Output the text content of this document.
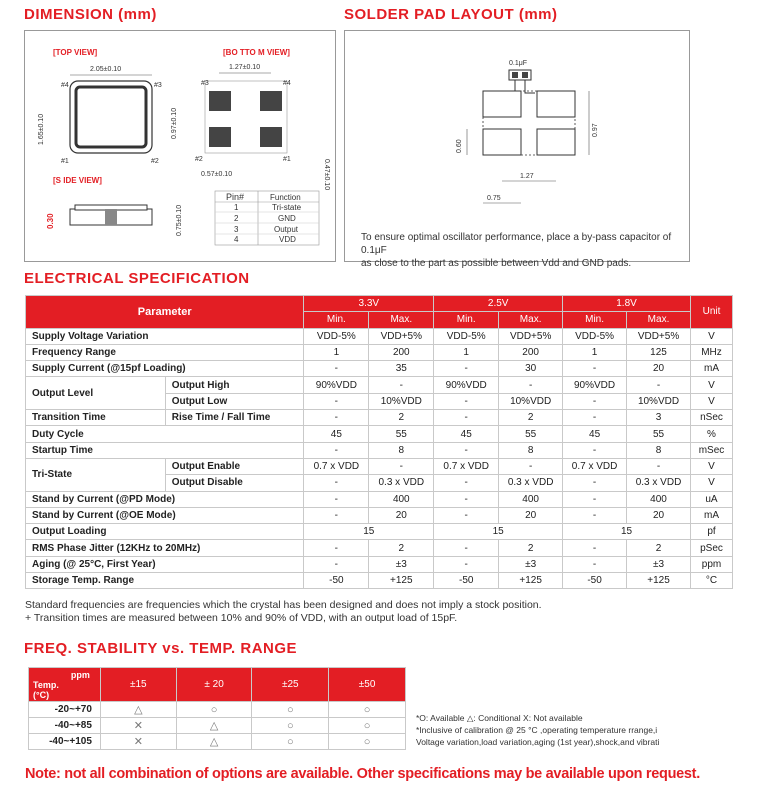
DIMENSION (mm)	SOLDER PAD LAYOUT (mm)
[TOP VIEW]	[BO TTO M VIEW]
2.05±0.10
#4	#3
#1	#2
1.65±0.10
1.27±0.10
#3	#4
#2	#1
0.97±0.10
0.47±0.10
0.57±0.10
[S IDE VIEW]
0.30	0.75±0.10
Pin#	Function
1	Tri-state
2	GND
3	Output
4	VDD
0.1μF
0.60
0.97
1.27
0.75
To ensure optimal oscillator performance, place a by-pass capacitor of 0.1μF
as close to the part as possible between Vdd and GND pads.
ELECTRICAL SPECIFICATION
Parameter		3.3V		2.5V		1.8V		Unit
		Min.	Max.	Min.	Max.	Min.	Max.	
Supply Voltage Variation		VDD-5%	VDD+5%	VDD-5%	VDD+5%	VDD-5%	VDD+5%	V
Frequency Range		1	200	1	200	1	125	MHz
Supply Current (@15pf Loading)		-	35	-	30	-	20	mA
Output Level	Output High	90%VDD	-	90%VDD	-	90%VDD	-	V
	Output Low	-	10%VDD	-	10%VDD	-	10%VDD	V
Transition Time	Rise Time / Fall Time	-	2	-	2	-	3	nSec
Duty Cycle		45	55	45	55	45	55	%
Startup Time		-	8	-	8	-	8	mSec
Tri-State	Output Enable	0.7 x VDD	-	0.7 x VDD	-	0.7 x VDD	-	V
	Output Disable	-	0.3 x VDD	-	0.3 x VDD	-	0.3 x VDD	V
Stand by Current (@PD Mode)		-	400	-	400	-	400	uA
Stand by Current (@OE Mode)		-	20	-	20	-	20	mA
Output Loading		15		15		15		pf
RMS Phase Jitter (12KHz to 20MHz)		-	2	-	2	-	2	pSec
Aging (@ 25°C, First Year)		-	±3	-	±3	-	±3	ppm
Storage Temp. Range		-50	+125	-50	+125	-50	+125	°C
Standard frequencies are frequencies which the crystal has been designed and does not imply a stock position.
+ Transition times are measured between 10% and 90% of VDD, with an output load of 15pF.
FREQ. STABILITY vs. TEMP. RANGE
ppm
Temp.
(°C)	±15	± 20	±25	±50
-20~+70	△	○	○	○
-40~+85	✕	△	○	○
-40~+105	✕	△	○	○
*O: Available △: Conditional X: Not available
*Inclusive of calibration @ 25 °C ,operating temperature rrange,i
Voltage variation,load variation,aging (1st year),shock,and vibrati
Note: not all combination of options are available. Other specifications may be available upon request.
